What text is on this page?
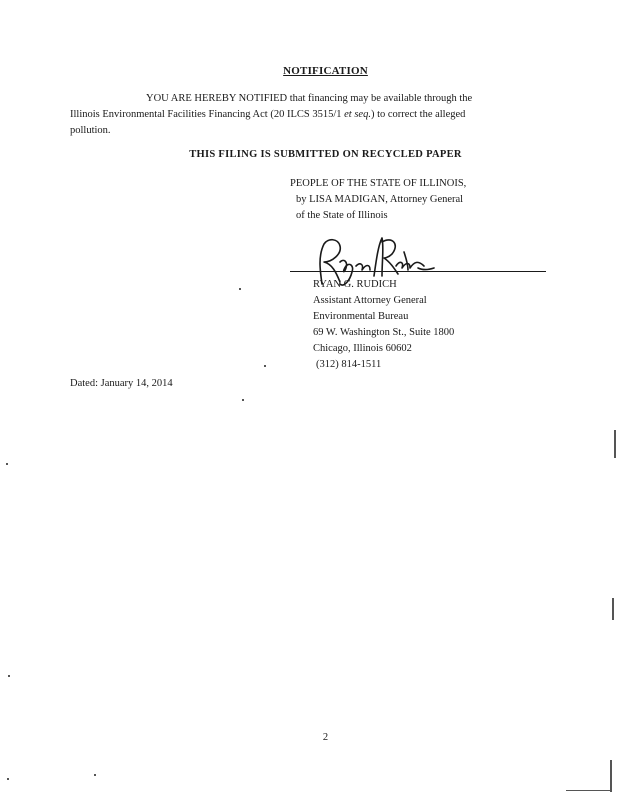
NOTIFICATION
YOU ARE HEREBY NOTIFIED that financing may be available through the
Illinois Environmental Facilities Financing Act (20 ILCS 3515/1 et seq.) to correct the alleged
pollution.
THIS FILING IS SUBMITTED ON RECYCLED PAPER
PEOPLE OF THE STATE OF ILLINOIS,
by LISA MADIGAN, Attorney General
of the State of Illinois
RYAN G. RUDICH
Assistant Attorney General
Environmental Bureau
69 W. Washington St., Suite 1800
Chicago, Illinois 60602
(312) 814-1511
Dated: January 14, 2014
2
